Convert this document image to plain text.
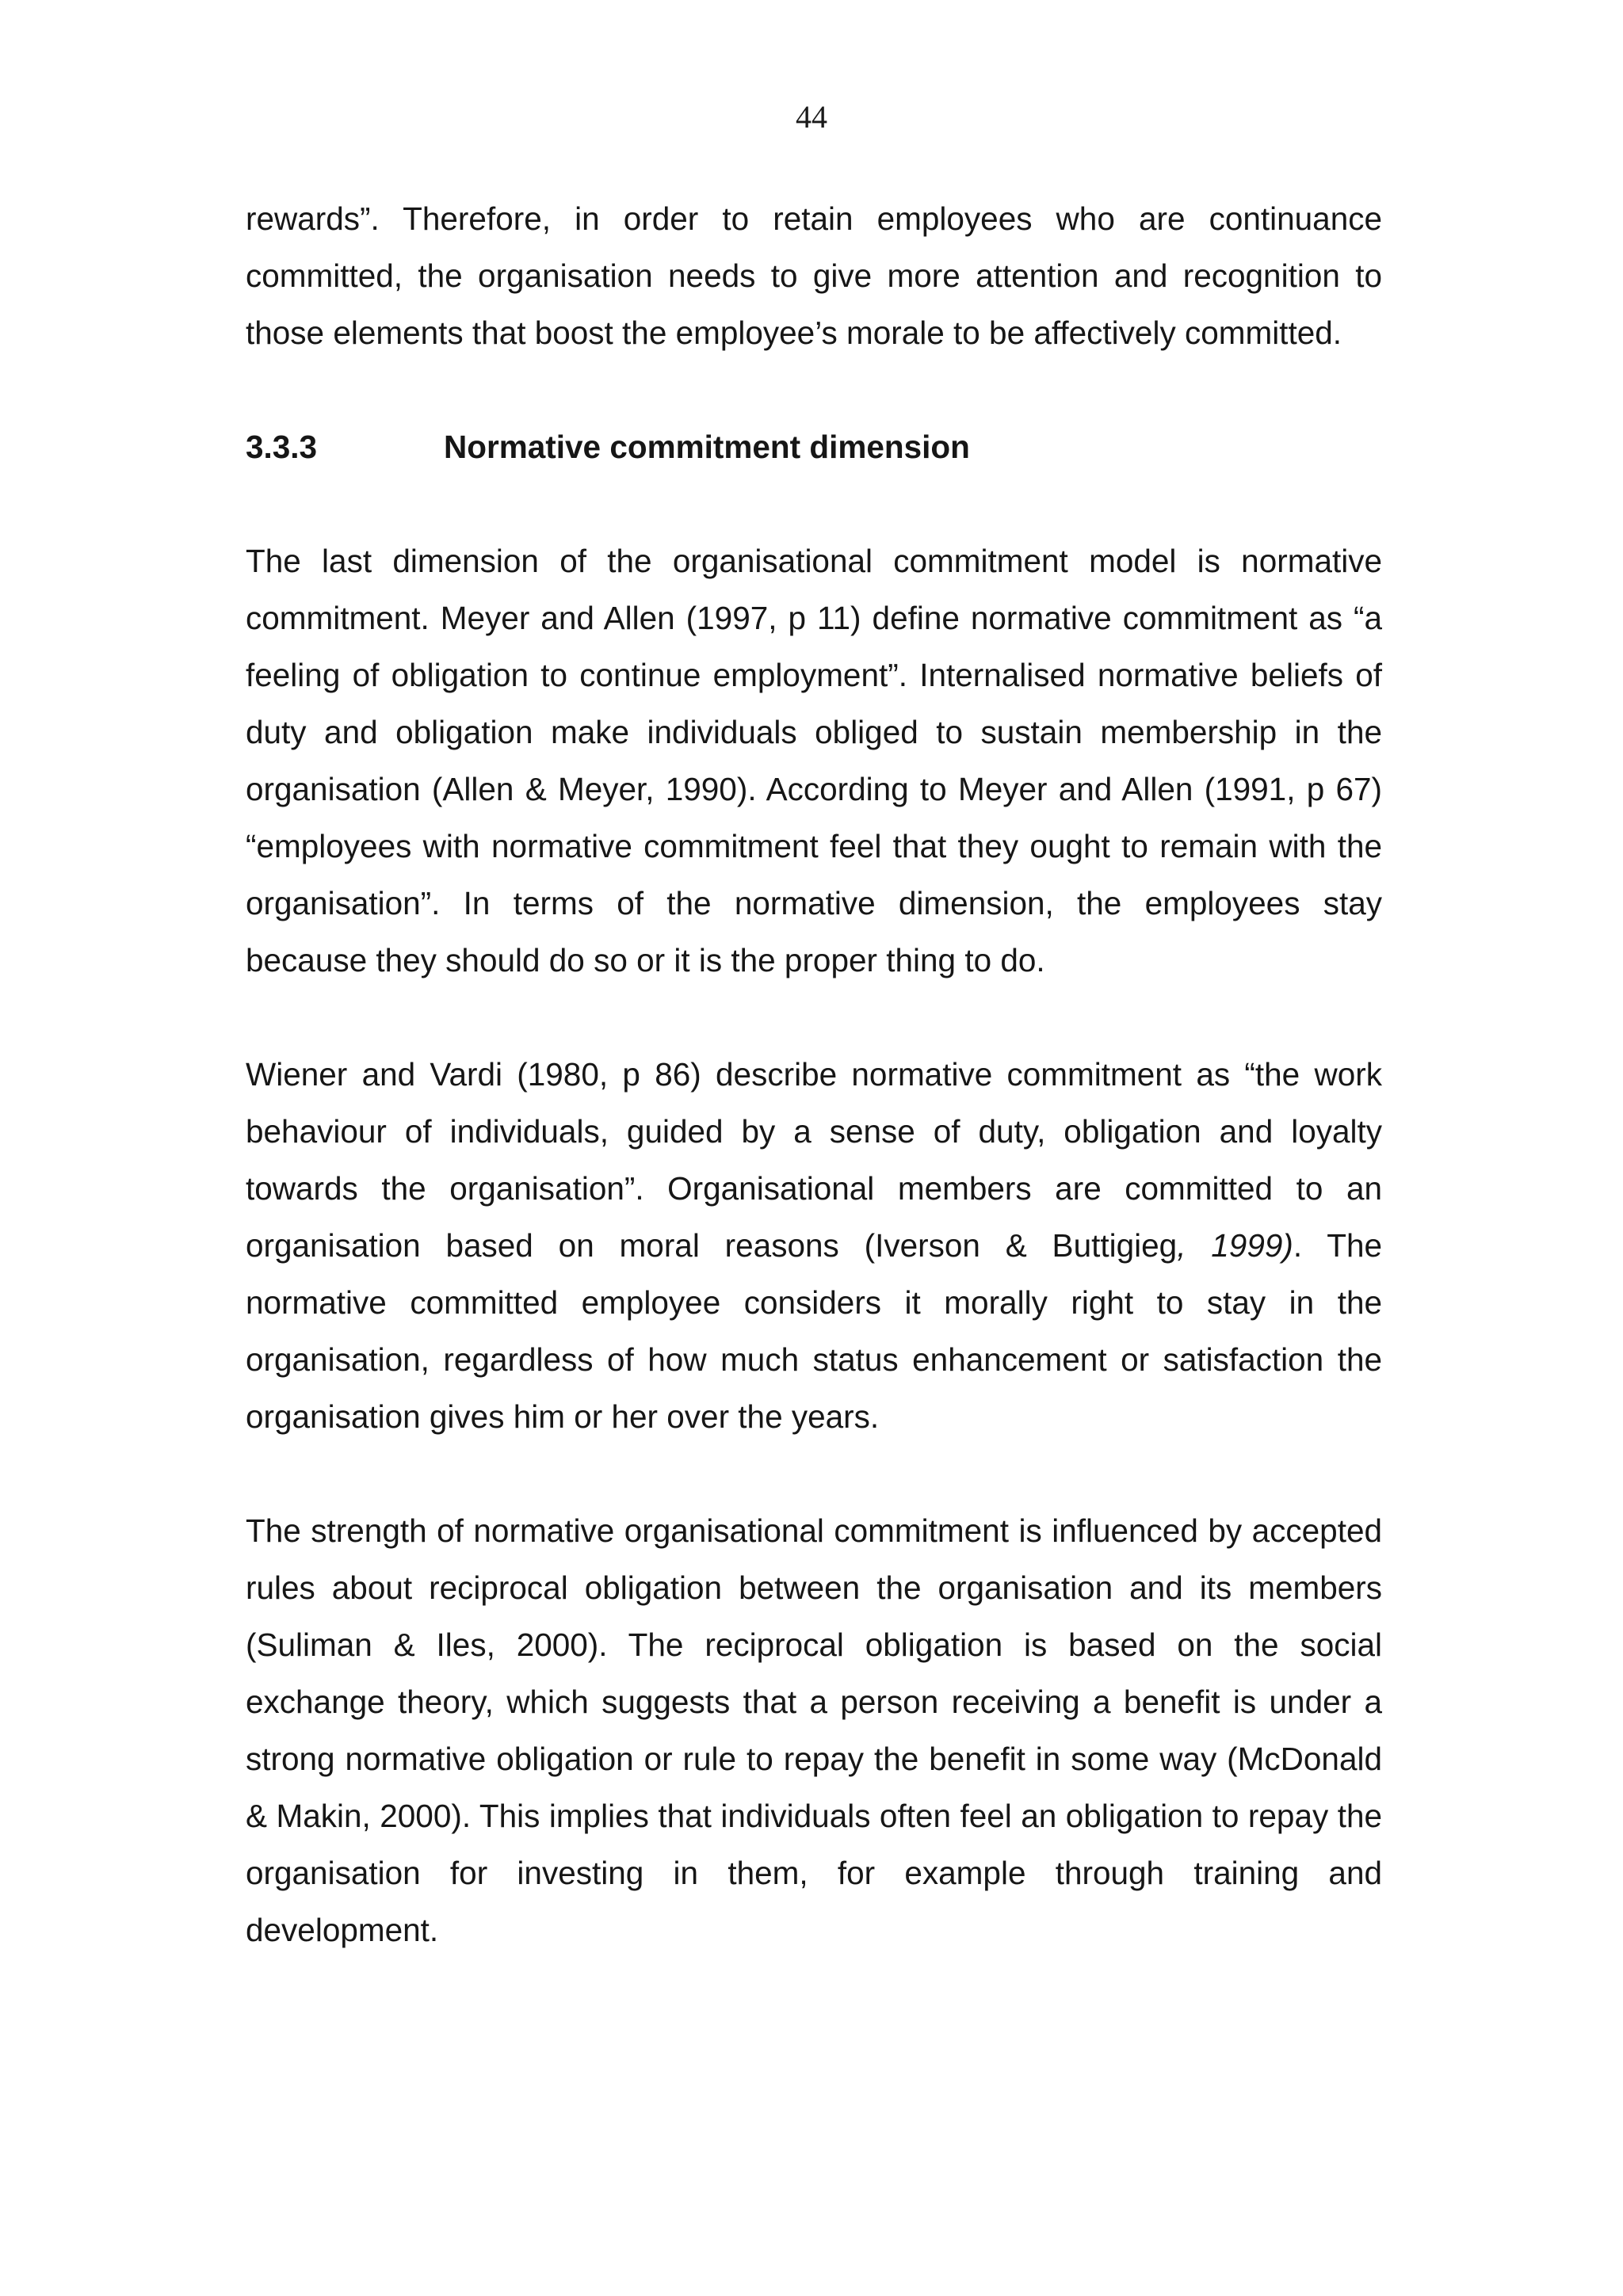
44

rewards”. Therefore, in order to retain employees who are continuance committed, the organisation needs to give more attention and recognition to those elements that boost the employee’s morale to be affectively committed.

3.3.3	Normative commitment dimension

The last dimension of the organisational commitment model is normative commitment. Meyer and Allen (1997, p 11) define normative commitment as “a feeling of obligation to continue employment”. Internalised normative beliefs of duty and obligation make individuals obliged to sustain membership in the organisation (Allen & Meyer, 1990). According to Meyer and Allen (1991, p 67) “employees with normative commitment feel that they ought to remain with the organisation”. In terms of the normative dimension, the employees stay because they should do so or it is the proper thing to do.

Wiener and Vardi (1980, p 86) describe normative commitment as “the work behaviour of individuals, guided by a sense of duty, obligation and loyalty towards the organisation”. Organisational members are committed to an organisation based on moral reasons (Iverson & Buttigieg, 1999). The normative committed employee considers it morally right to stay in the organisation, regardless of how much status enhancement or satisfaction the organisation gives him or her over the years.

The strength of normative organisational commitment is influenced by accepted rules about reciprocal obligation between the organisation and its members (Suliman & Iles, 2000). The reciprocal obligation is based on the social exchange theory, which suggests that a person receiving a benefit is under a strong normative obligation or rule to repay the benefit in some way (McDonald & Makin, 2000). This implies that individuals often feel an obligation to repay the organisation for investing in them, for example through training and development.
